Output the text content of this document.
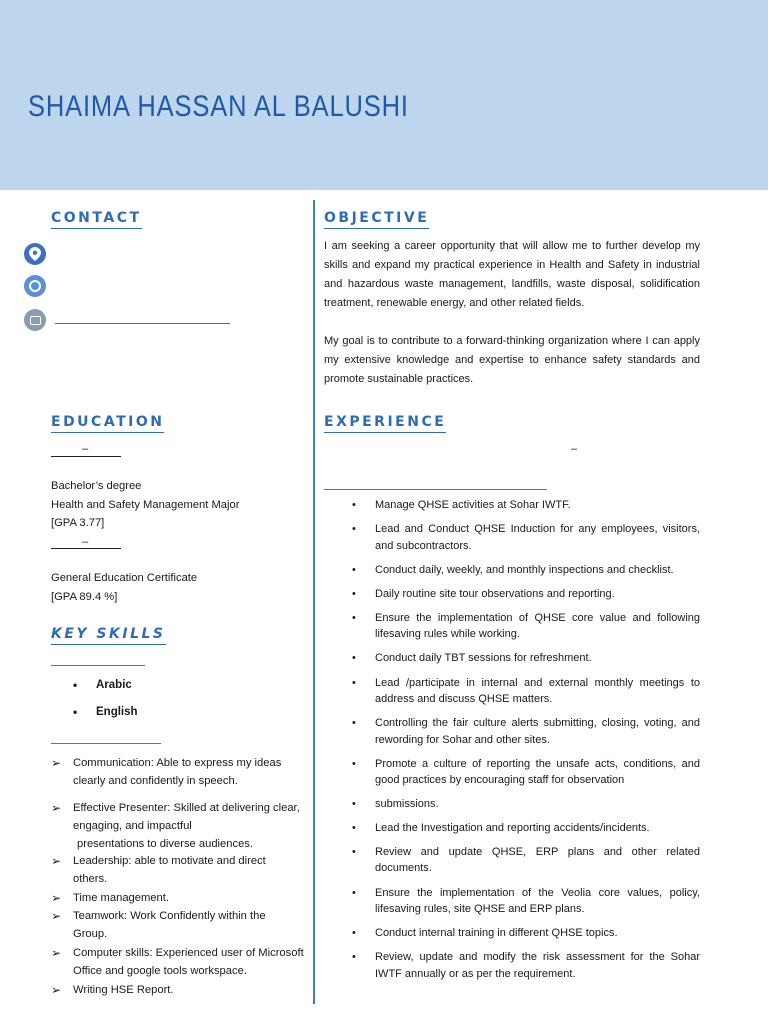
SHAIMA HASSAN AL BALUSHI
CONTACT
EDUCATION
–
Bachelor’s degree
Health and Safety Management Major
[GPA 3.77]
–
General Education Certificate
[GPA 89.4 %]
KEY SKILLS
• Arabic
• English
➢ Communication: Able to express my ideas clearly and confidently in speech.
➢ Effective Presenter: Skilled at delivering clear, engaging, and impactful
presentations to diverse audiences.
➢ Leadership: able to motivate and direct others.
➢ Time management.
➢ Teamwork: Work Confidently within the Group.
➢ Computer skills: Experienced user of Microsoft Office and google tools workspace.
➢ Writing HSE Report.
OBJECTIVE
I am seeking a career opportunity that will allow me to further develop my skills and expand my practical experience in Health and Safety in industrial and hazardous waste management, landfills, waste disposal, solidification treatment, renewable energy, and other related fields.
My goal is to contribute to a forward-thinking organization where I can apply my extensive knowledge and expertise to enhance safety standards and promote sustainable practices.
EXPERIENCE
–
• Manage QHSE activities at Sohar IWTF.
• Lead and Conduct QHSE Induction for any employees, visitors, and subcontractors.
• Conduct daily, weekly, and monthly inspections and checklist.
• Daily routine site tour observations and reporting.
• Ensure the implementation of QHSE core value and following lifesaving rules while working.
• Conduct daily TBT sessions for refreshment.
• Lead /participate in internal and external monthly meetings to address and discuss QHSE matters.
• Controlling the fair culture alerts submitting, closing, voting, and rewording for Sohar and other sites.
• Promote a culture of reporting the unsafe acts, conditions, and good practices by encouraging staff for observation
• submissions.
• Lead the Investigation and reporting accidents/incidents.
• Review and update QHSE, ERP plans and other related documents.
• Ensure the implementation of the Veolia core values, policy, lifesaving rules, site QHSE and ERP plans.
• Conduct internal training in different QHSE topics.
• Review, update and modify the risk assessment for the Sohar IWTF annually or as per the requirement.
